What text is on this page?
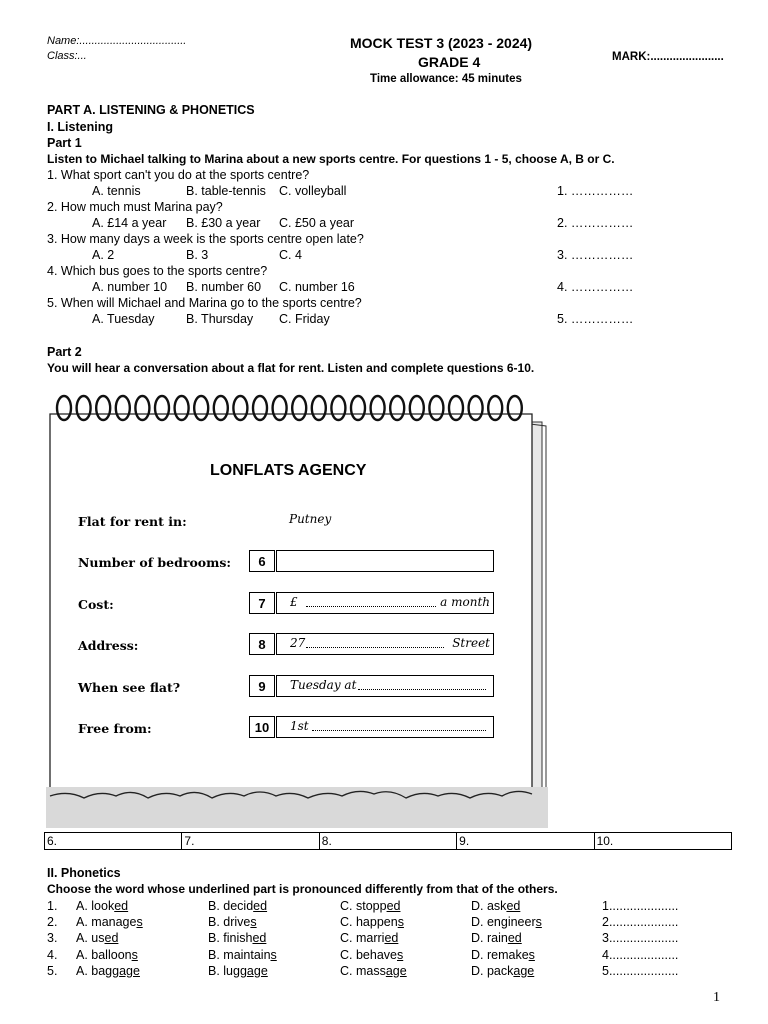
Name:...................................
Class:...
MOCK TEST 3 (2023 - 2024)
GRADE 4
Time allowance: 45 minutes
MARK:.......................
PART A. LISTENING & PHONETICS
I. Listening
Part 1
Listen to Michael talking to Marina about a new sports centre. For questions 1 - 5, choose A, B or C.
1. What sport can't you do at the sports centre?
A. tennis	B. table-tennis C. volleyball	1. ……………
2. How much must Marina pay?
A. £14 a year B. £30 a year C. £50 a year	2. ……………
3. How many days a week is the sports centre open late?
A. 2	B. 3	C. 4	3. ……………
4. Which bus goes to the sports centre?
A. number 10 B. number 60 C. number 16	4. ……………
5. When will Michael and Marina go to the sports centre?
A. Tuesday	B. Thursday C. Friday	5. ……………
Part 2
You will hear a conversation about a flat for rent. Listen and complete questions 6-10.
LONFLATS AGENCY
Flat for rent in:	Putney
Number of bedrooms:	6
Cost:	7	£	a month
Address:	8	27	Street
When see flat?	9	Tuesday at
Free from:	10	1st
6.	7.	8.	9.	10.
II. Phonetics
Choose the word whose underlined part is pronounced differently from that of the others.
1. A. looked	B. decided	C. stopped	D. asked	1....................
2. A. manages	B. drives	C. happens	D. engineers	2....................
3. A. used	B. finished	C. married	D. rained	3....................
4. A. balloons	B. maintains	C. behaves	D. remakes	4....................
5. A. baggage	B. luggage	C. massage	D. package	5....................
1
